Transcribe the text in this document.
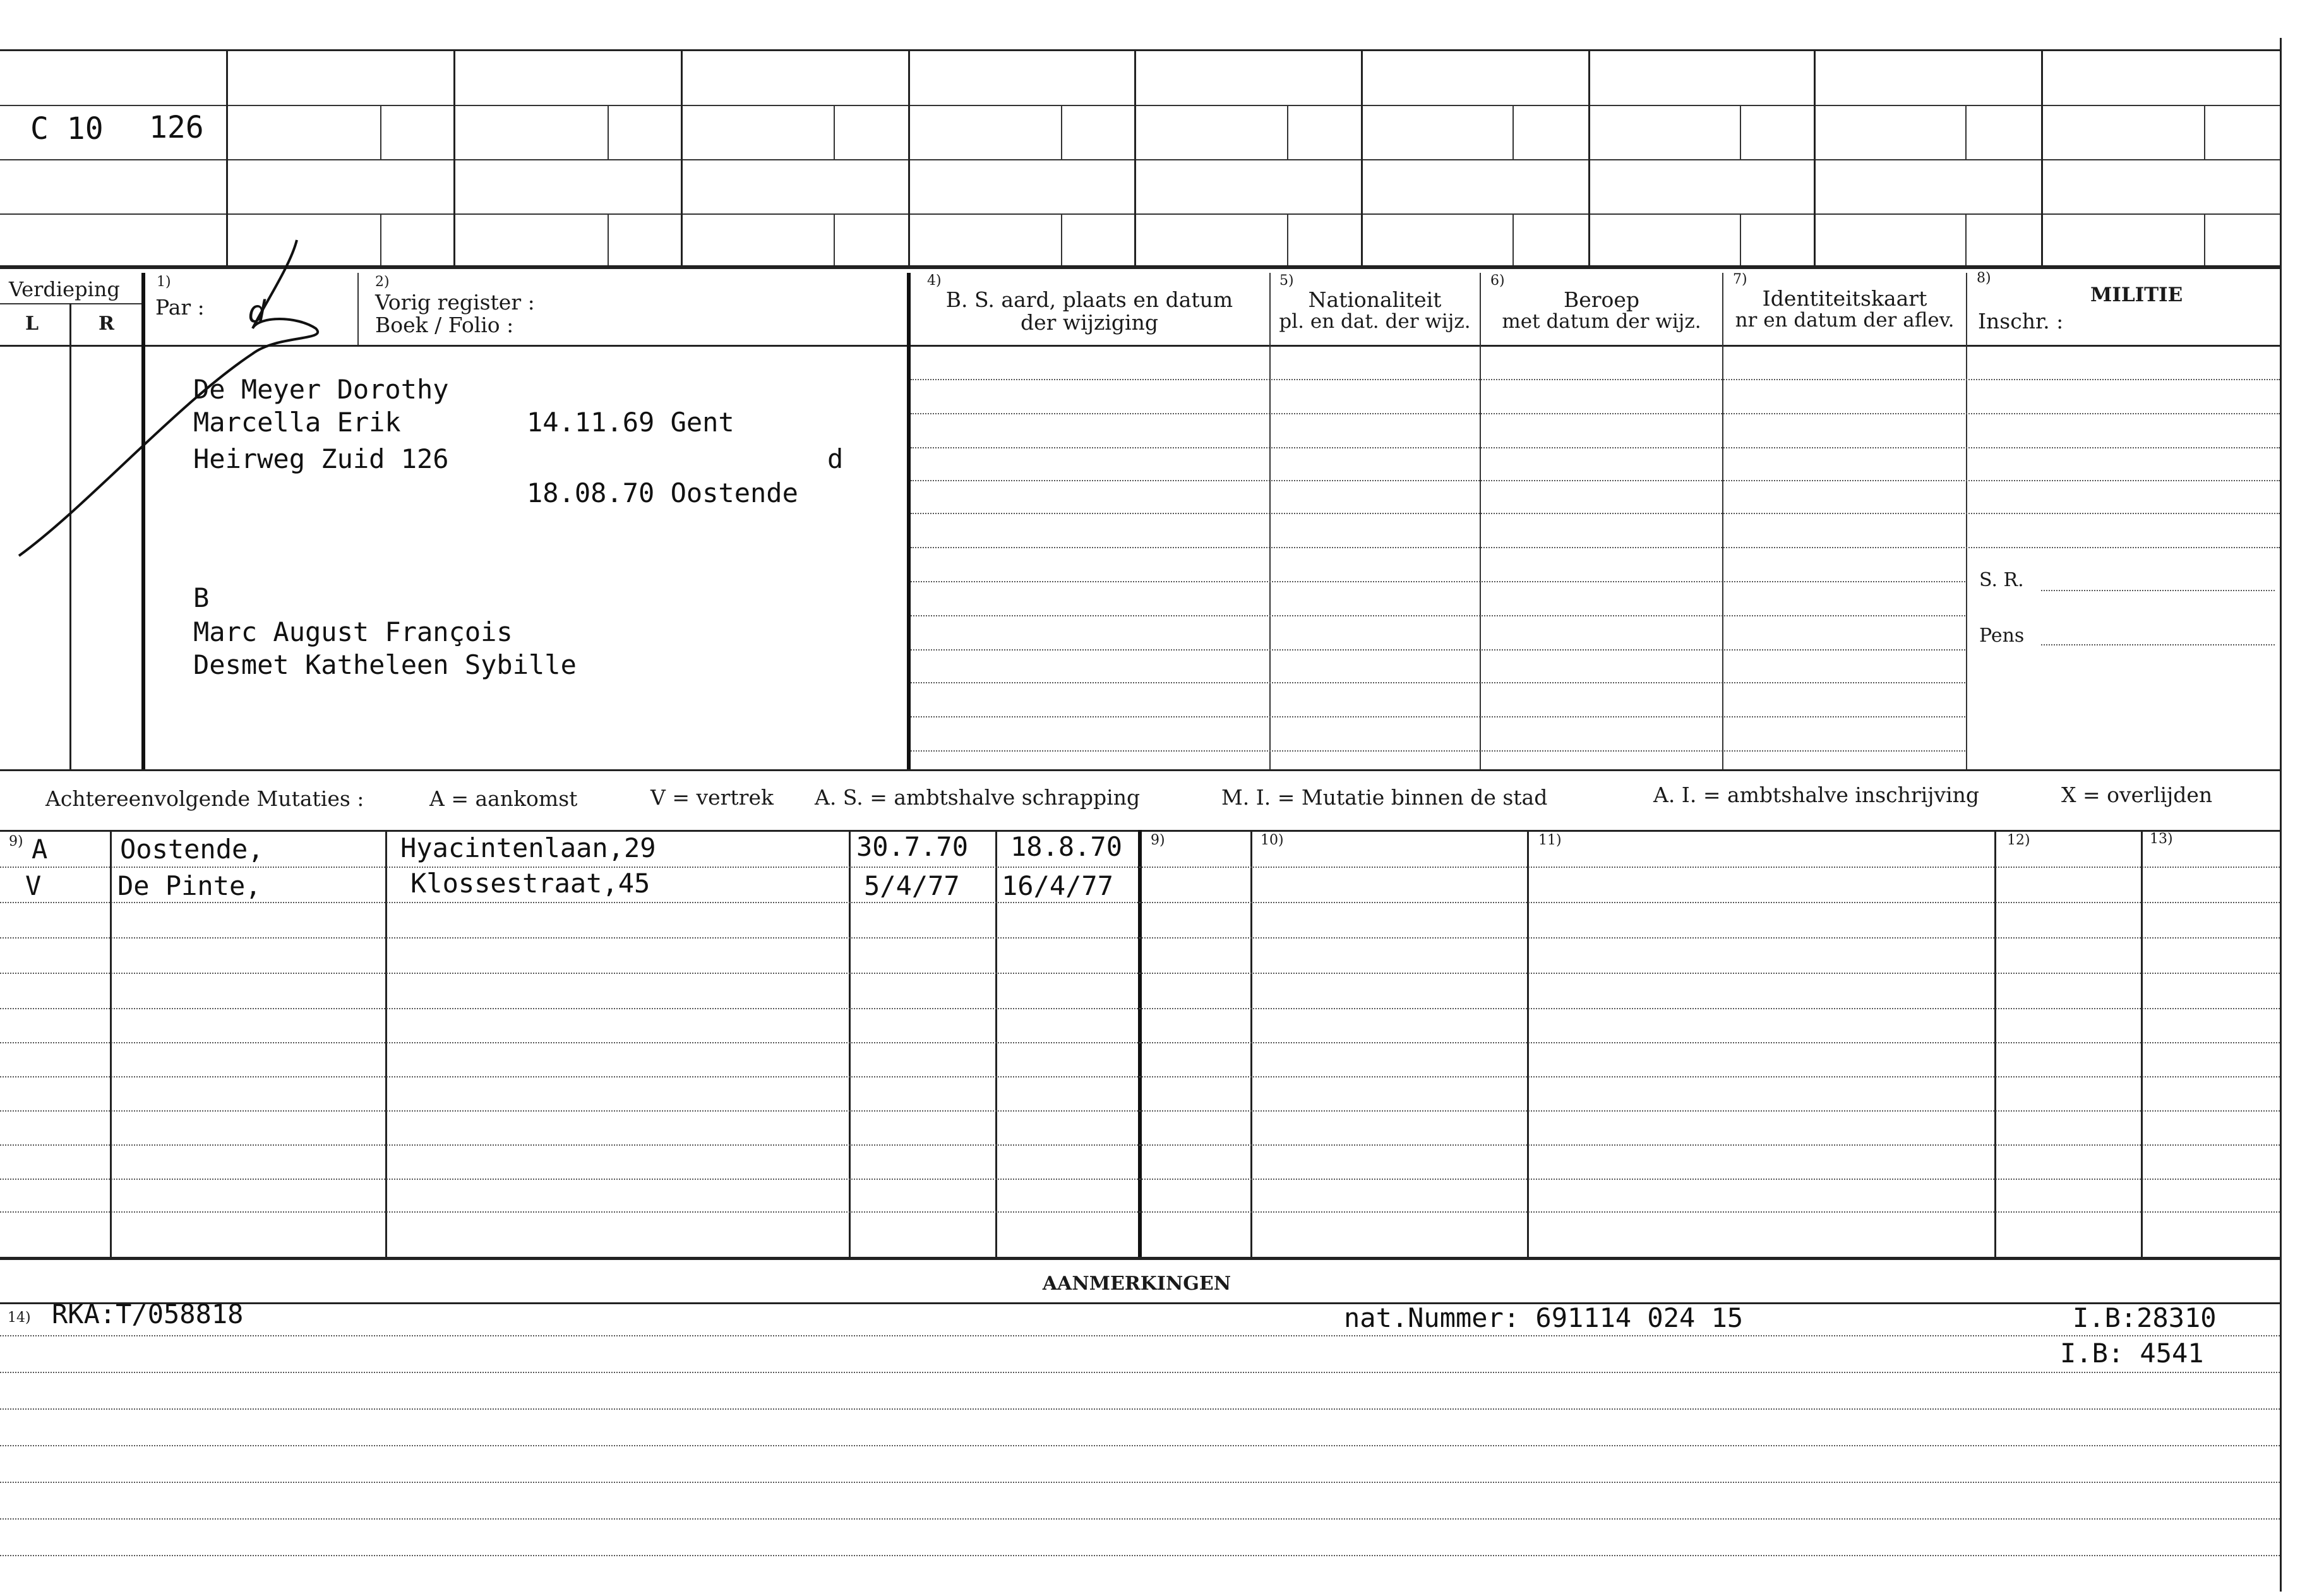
C 10 126
Verdieping
L	R
1)
Par : d
2)
Vorig register :
Boek / Folio :
4)
B. S. aard, plaats en datum
der wijziging
5)
Nationaliteit
pl. en dat. der wijz.
6)
Beroep
met datum der wijz.
7)
Identiteitskaart
nr en datum der aflev.
8)
MILITIE
Inschr. :
S. R.
Pens
De Meyer Dorothy
Marcella Erik	14.11.69 Gent
d
Heirweg Zuid 126
18.08.70 Oostende
B
Marc August François
Desmet Katheleen Sybille
Achtereenvolgende Mutaties :	A = aankomst	V = vertrek A. S. = ambtshalve schrapping	M. I. = Mutatie binnen de stad	A. I. = ambtshalve inschrijving	X = overlijden
9)	9)	10)	11)	12)	13)
A	Oostende,	Hyacintenlaan,29	30.7.70 18.8.70
V	De Pinte,	Klossestraat,45	5/4/77 16/4/77
AANMERKINGEN
14) RKA:T/058818	nat.Nummer: 691114 024 15	I.B:28310
I.B: 4541
